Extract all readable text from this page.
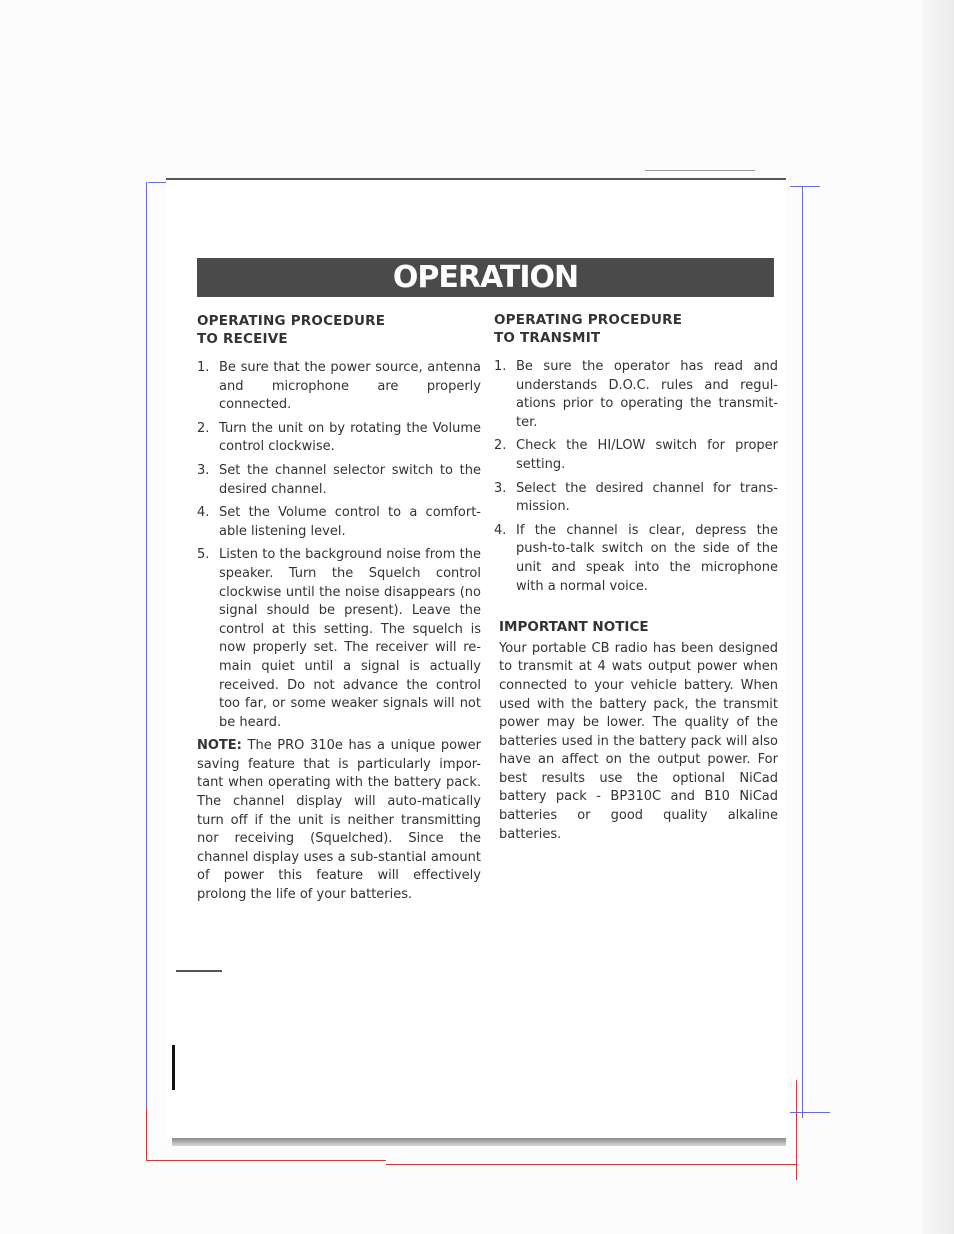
OPERATION
OPERATING PROCEDURE
TO RECEIVE
1. Be sure that the power source, antenna and microphone are properly connected.
2. Turn the unit on by rotating the Volume control clockwise.
3. Set the channel selector switch to the desired channel.
4. Set the Volume control to a comfort-able listening level.
5. Listen to the background noise from the speaker. Turn the Squelch control clockwise until the noise disappears (no signal should be present). Leave the control at this setting. The squelch is now properly set. The receiver will re-main quiet until a signal is actually received. Do not advance the control too far, or some weaker signals will not be heard.
NOTE: The PRO 310e has a unique power saving feature that is particularly impor-tant when operating with the battery pack. The channel display will auto-matically turn off if the unit is neither transmitting nor receiving (Squelched). Since the channel display uses a sub-stantial amount of power this feature will effectively prolong the life of your batteries.
OPERATING PROCEDURE
TO TRANSMIT
1. Be sure the operator has read and understands D.O.C. rules and regul-ations prior to operating the transmit-ter.
2. Check the HI/LOW switch for proper setting.
3. Select the desired channel for trans-mission.
4. If the channel is clear, depress the push-to-talk switch on the side of the unit and speak into the microphone with a normal voice.
IMPORTANT NOTICE
Your portable CB radio has been designed to transmit at 4 wats output power when connected to your vehicle battery. When used with the battery pack, the transmit power may be lower. The quality of the batteries used in the battery pack will also have an affect on the output power. For best results use the optional NiCad battery pack - BP310C and B10 NiCad batteries or good quality alkaline batteries.
